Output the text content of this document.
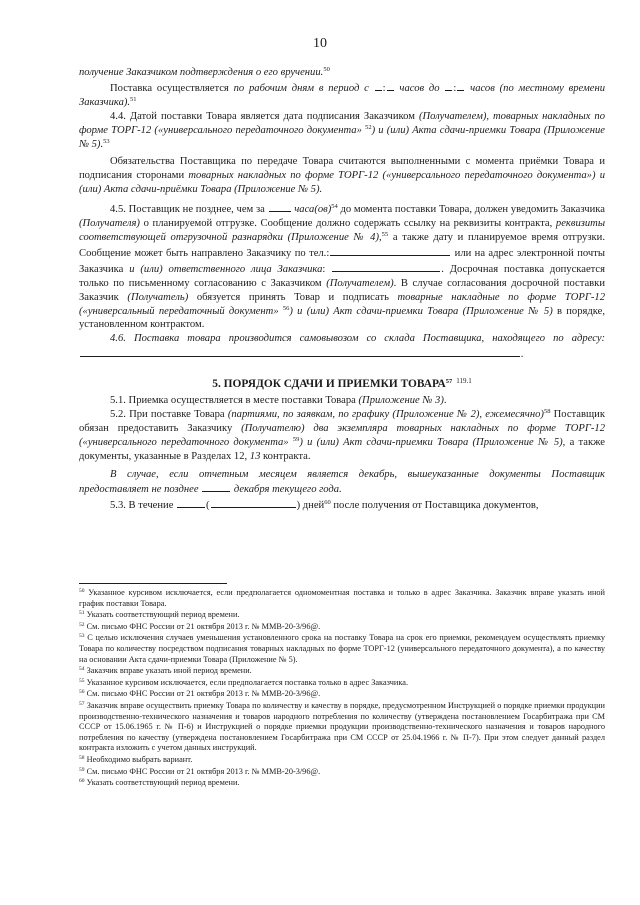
10

получение Заказчиком подтверждения о его вручении.$^{50}$

Поставка осуществляется по рабочим дням в период с : часов до : часов (по местному времени Заказчика).$^{51}$

4.4. Датой поставки Товара является дата подписания Заказчиком (Получателем), товарных накладных по форме ТОРГ-12 («универсального передаточного документа» $^{52}$) и (или) Акта сдачи-приемки Товара (Приложение № 5).$^{53}$

Обязательства Поставщика по передаче Товара считаются выполненными с момента приёмки Товара и подписания сторонами товарных накладных по форме ТОРГ-12 («универсального передаточного документа») и (или) Акта сдачи-приёмки Товара (Приложение № 5).

4.5. Поставщик не позднее, чем за	часа(ов)$^{54}$ до момента поставки Товара, должен уведомить Заказчика (Получателя) о планируемой отгрузке. Сообщение должно содержать ссылку на реквизиты контракта, реквизиты соответствующей отгрузочной разнарядки (Приложение № 4),$^{55}$ а также дату и планируемое время отгрузки. Сообщение может быть направлено Заказчику по тел.:	или на адрес электронной почты Заказчика и (или) ответственного лица Заказчика:	. Досрочная поставка допускается только по письменному согласованию с Заказчиком (Получателем). В случае согласования досрочной поставки Заказчик (Получатель) обязуется принять Товар и подписать товарные накладные по форме ТОРГ-12 («универсальный передаточный документ» $^{56}$) и (или) Акт сдачи-приемки Товара (Приложение № 5) в порядке, установленном контрактом.

4.6. Поставка товара производится самовывозом со склада Поставщика, находящего по адресу:.

5. ПОРЯДОК СДАЧИ И ПРИЕМКИ ТОВАРА$^{57}$ $^{119.1}$

5.1. Приемка осуществляется в месте поставки Товара (Приложение № 3).

5.2. При поставке Товара (партиями, по заявкам, по графику (Приложение № 2), ежемесячно)$^{58}$ Поставщик обязан предоставить Заказчику (Получателю) два экземпляра товарных накладных по форме ТОРГ-12 («универсального передаточного документа» $^{59}$) и (или) Акт сдачи-приемки Товара (Приложение № 5), а также документы, указанные в Разделах 12, 13 контракта.

В случае, если отчетным месяцем является декабрь, вышеуказанные документы Поставщик предоставляет не позднее	декабря текущего года.

5.3. В течение	(	) дней$^{60}$ после получения от Поставщика документов,

$^{50}$ Указанное курсивом исключается, если предполагается одномоментная поставка и только в адрес Заказчика. Заказчик вправе указать иной график поставки Товара.

$^{51}$ Указать соответствующий период времени.

$^{52}$ См. письмо ФНС России от 21 октября 2013 г. № ММВ-20-3/96@.

$^{53}$ С целью исключения случаев уменьшения установленного срока на поставку Товара на срок его приемки, рекомендуем осуществлять приемку Товара по количеству посредством подписания товарных накладных по форме ТОРГ-12 (универсального передаточного документа), а по качеству на основании Акта сдачи-приемки Товара (Приложение № 5).

$^{54}$ Заказчик вправе указать иной период времени.

$^{55}$ Указанное курсивом исключается, если предполагается поставка только в адрес Заказчика.

$^{56}$ См. письмо ФНС России от 21 октября 2013 г. № ММВ-20-3/96@.

$^{57}$ Заказчик вправе осуществить приемку Товара по количеству и качеству в порядке, предусмотренном Инструкцией о порядке приемки продукции производственно-технического назначения и товаров народного потребления по количеству (утверждена постановлением Госарбитража при СМ СССР от 15.06.1965 г. № П-6) и Инструкцией о порядке приемки продукции производственно-технического назначения и товаров народного потребления по качеству (утверждена постановлением Госарбитража при СМ СССР от 25.04.1966 г. № П-7). При этом следует данный раздел контракта изложить с учетом данных инструкций.

$^{58}$ Необходимо выбрать вариант.

$^{59}$ См. письмо ФНС России от 21 октября 2013 г. № ММВ-20-3/96@.

$^{60}$ Указать соответствующий период времени.
